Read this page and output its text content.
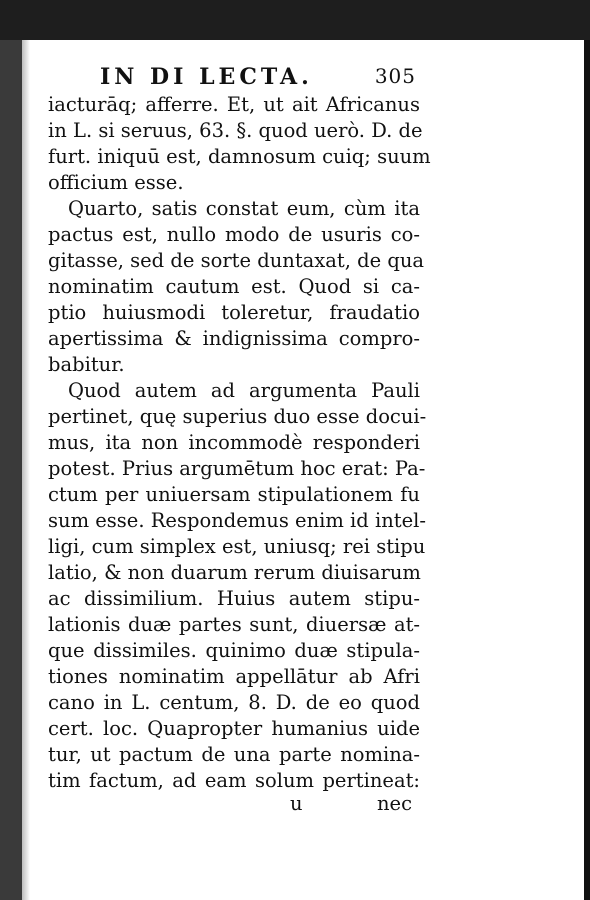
IN DI LECTA.	305
iacturāq; afferre. Et, ut ait Africanus
in L. si seruus, 63. §. quod uerò. D. de
furt. iniquū est, damnosum cuiq; suum
officium esse.
Quarto, satis constat eum, cùm ita
pactus est, nullo modo de usuris co-
gitasse, sed de sorte duntaxat, de qua
nominatim cautum est. Quod si ca-
ptio huiusmodi toleretur, fraudatio
apertissima & indignissima compro-
babitur.
Quod autem ad argumenta Pauli
pertinet, quę superius duo esse docui-
mus, ita non incommodè responderi
potest. Prius argumētum hoc erat: Pa-
ctum per uniuersam stipulationem fu
sum esse. Respondemus enim id intel-
ligi, cum simplex est, uniusq; rei stipu
latio, & non duarum rerum diuisarum
ac dissimilium. Huius autem stipu-
lationis duæ partes sunt, diuersæ at-
que dissimiles. quinimo duæ stipula-
tiones nominatim appellātur ab Afri
cano in L. centum, 8. D. de eo quod
cert. loc. Quapropter humanius uide
tur, ut pactum de una parte nomina-
tim factum, ad eam solum pertineat:
u	nec
